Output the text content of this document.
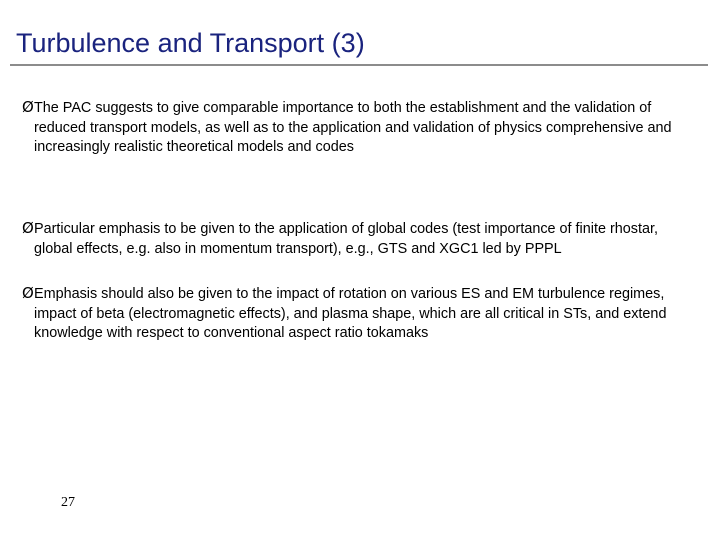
Turbulence and Transport (3)
Ø The PAC suggests to give comparable importance to both the establishment and the validation of reduced transport models, as well as to the application and validation of physics comprehensive and increasingly realistic theoretical models and codes
Ø Particular emphasis to be given to the application of global codes (test importance of finite rhostar, global effects, e.g. also in momentum transport), e.g., GTS and XGC1 led by PPPL
Ø Emphasis should also be given to the impact of rotation on various ES and EM turbulence regimes, impact of beta (electromagnetic effects), and plasma shape, which are all critical in STs, and extend knowledge with respect to conventional aspect ratio tokamaks
27
